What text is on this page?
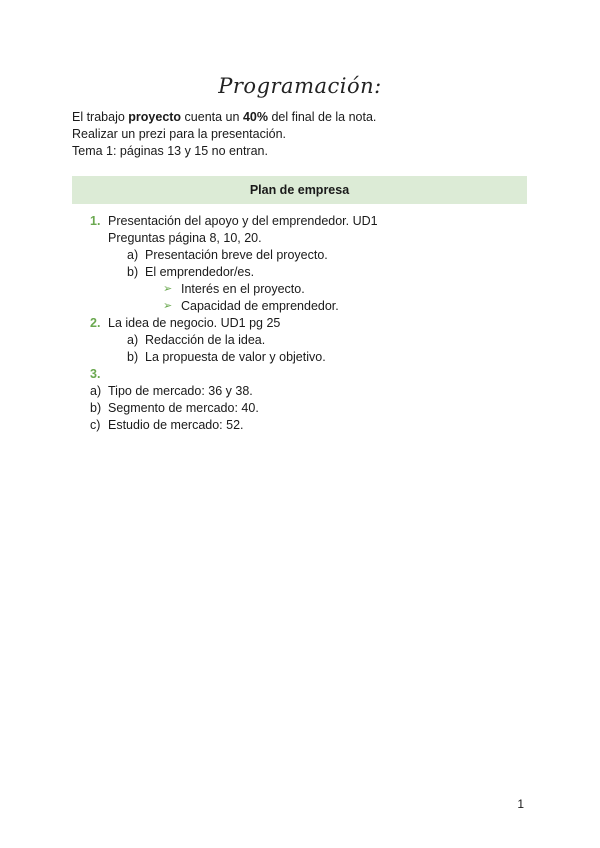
Programación:
El trabajo proyecto cuenta un 40% del final de la nota.
Realizar un prezi para la presentación.
Tema 1: páginas 13 y 15 no entran.
Plan de empresa
1. Presentación del apoyo y del emprendedor. UD1
Preguntas página 8, 10, 20.
a) Presentación breve del proyecto.
b) El emprendedor/es.
➢ Interés en el proyecto.
➢ Capacidad de emprendedor.
2. La idea de negocio. UD1 pg 25
a) Redacción de la idea.
b) La propuesta de valor y objetivo.
3.
a) Tipo de mercado: 36 y 38.
b) Segmento de mercado: 40.
c) Estudio de mercado: 52.
1
